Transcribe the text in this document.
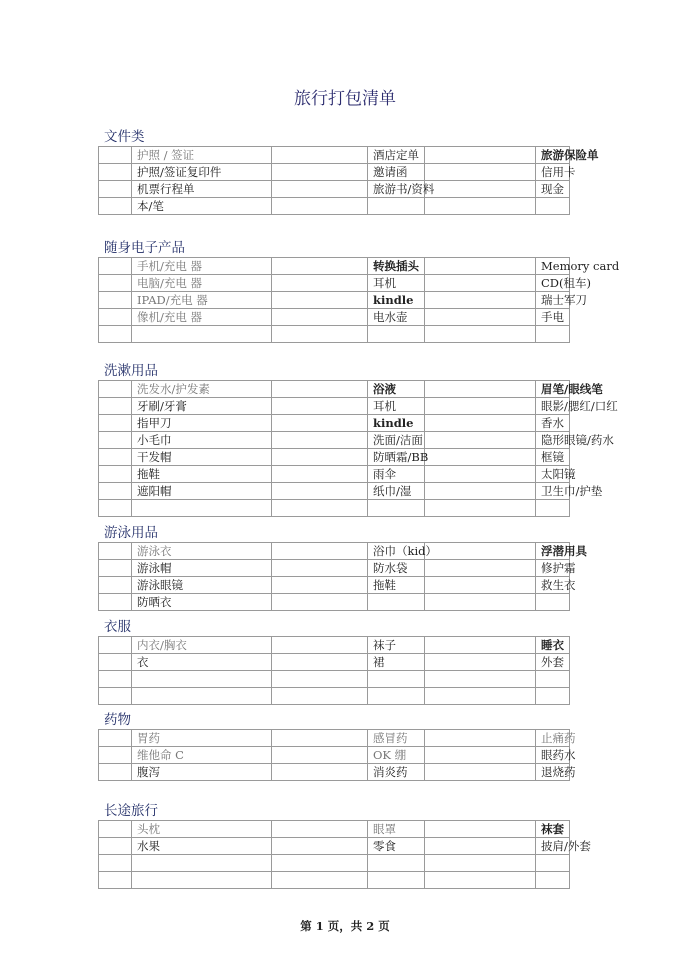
旅行打包清单
文件类
	护照 / 签证		酒店定单		旅游保险单
	护照/签证复印件		邀请函		信用卡
	机票行程单		旅游书/资料		现金
	本/笔				
随身电子产品
	手机/充电 器		转换插头		Memory card
	电脑/充电 器		耳机		CD(租车)
	IPAD/充电 器		kindle		瑞士军刀
	像机/充电 器		电水壶		手电

洗漱用品
	洗发水/护发素		浴液		眉笔/眼线笔
	牙刷/牙膏		耳机		眼影/腮红/口红
	指甲刀		kindle		香水
	小毛巾		洗面/洁面		隐形眼镜/药水
	干发帽		防晒霜/BB		框镜
	拖鞋		雨伞		太阳镜
	遮阳帽		纸巾/湿		卫生巾/护垫

游泳用品
	游泳衣		浴巾（kid）		浮潜用具
	游泳帽		防水袋		修护霜
	游泳眼镜		拖鞋		救生衣
	防晒衣				
衣服
	内衣/胸衣		袜子		睡衣
	衣		裙		外套

药物
	胃药		感冒药		止痛药
	维他命 C		OK 绷		眼药水
	腹泻		消炎药		退烧药
长途旅行
	头枕		眼罩		袜套
	水果		零食		披肩/外套

第 1 页，共 2 页
